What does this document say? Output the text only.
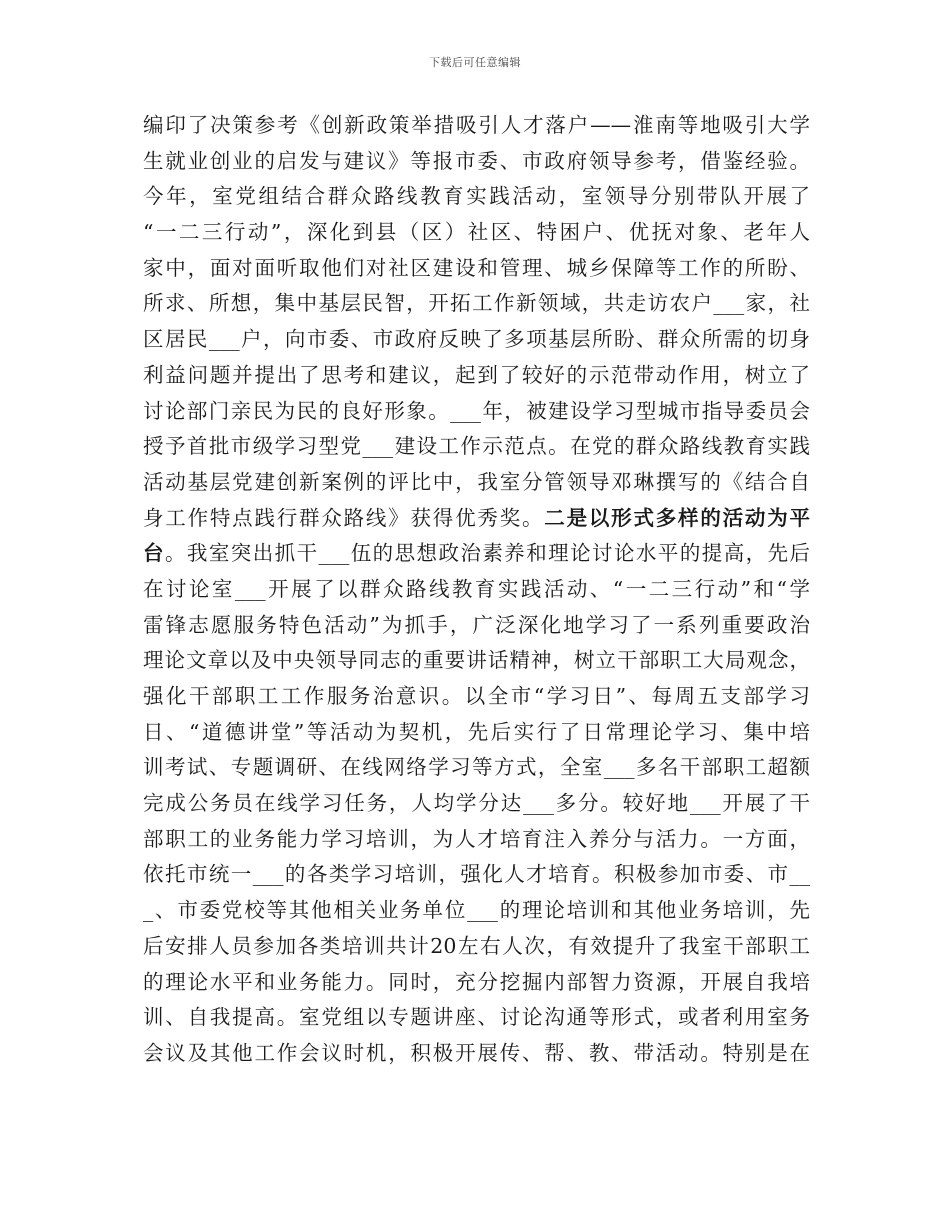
下载后可任意编辑
编印了决策参考《创新政策举措吸引人才落户——淮南等地吸引大学
生就业创业的启发与建议》等报市委、市政府领导参考，借鉴经验。
今年，室党组结合群众路线教育实践活动，室领导分别带队开展了
“一二三行动”，深化到县（区）社区、特困户、优抚对象、老年人
家中，面对面听取他们对社区建设和管理、城乡保障等工作的所盼、
所求、所想，集中基层民智，开拓工作新领域，共走访农户___家，社
区居民___户，向市委、市政府反映了多项基层所盼、群众所需的切身
利益问题并提出了思考和建议，起到了较好的示范带动作用，树立了
讨论部门亲民为民的良好形象。___年，被建设学习型城市指导委员会
授予首批市级学习型党___建设工作示范点。在党的群众路线教育实践
活动基层党建创新案例的评比中，我室分管领导邓琳撰写的《结合自
身工作特点践行群众路线》获得优秀奖。二是以形式多样的活动为平
台。我室突出抓干___伍的思想政治素养和理论讨论水平的提高，先后
在讨论室___开展了以群众路线教育实践活动、“一二三行动”和“学
雷锋志愿服务特色活动”为抓手，广泛深化地学习了一系列重要政治
理论文章以及中央领导同志的重要讲话精神，树立干部职工大局观念，
强化干部职工工作服务治意识。以全市“学习日”、每周五支部学习
日、“道德讲堂”等活动为契机，先后实行了日常理论学习、集中培
训考试、专题调研、在线网络学习等方式，全室___多名干部职工超额
完成公务员在线学习任务，人均学分达___多分。较好地___开展了干
部职工的业务能力学习培训，为人才培育注入养分与活力。一方面，
依托市统一___的各类学习培训，强化人才培育。积极参加市委、市__
_、市委党校等其他相关业务单位___的理论培训和其他业务培训，先
后安排人员参加各类培训共计20左右人次，有效提升了我室干部职工
的理论水平和业务能力。同时，充分挖掘内部智力资源，开展自我培
训、自我提高。室党组以专题讲座、讨论沟通等形式，或者利用室务
会议及其他工作会议时机，积极开展传、帮、教、带活动。特别是在
